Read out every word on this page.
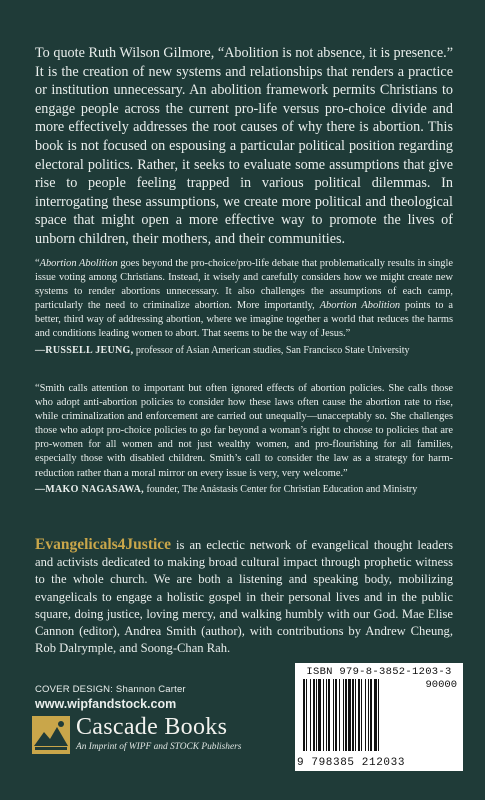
To quote Ruth Wilson Gilmore, “Abolition is not absence, it is presence.” It is the creation of new systems and relationships that renders a practice or institution unnecessary. An abolition framework permits Christians to engage people across the current pro-life versus pro-choice divide and more effectively addresses the root causes of why there is abortion. This book is not focused on espousing a particular political position regarding electoral politics. Rather, it seeks to evaluate some assumptions that give rise to people feeling trapped in various political dilemmas. In interrogating these assumptions, we create more political and theological space that might open a more effective way to promote the lives of unborn children, their mothers, and their communities.

“Abortion Abolition goes beyond the pro-choice/pro-life debate that problematically results in single issue voting among Christians. Instead, it wisely and carefully considers how we might create new systems to render abortions unnecessary. It also challenges the assumptions of each camp, particularly the need to criminalize abortion. More importantly, Abortion Abolition points to a better, third way of addressing abortion, where we imagine together a world that reduces the harms and conditions leading women to abort. That seems to be the way of Jesus.”
—RUSSELL JEUNG, professor of Asian American studies, San Francisco State University

“Smith calls attention to important but often ignored effects of abortion policies. She calls those who adopt anti-abortion policies to consider how these laws often cause the abortion rate to rise, while criminalization and enforcement are carried out unequally—unacceptably so. She challenges those who adopt pro-choice policies to go far beyond a woman’s right to choose to policies that are pro-women for all women and not just wealthy women, and pro-flourishing for all families, especially those with disabled children. Smith’s call to consider the law as a strategy for harm-reduction rather than a moral mirror on every issue is very, very welcome.”
—MAKO NAGASAWA, founder, The Anástasis Center for Christian Education and Ministry

Evangelicals4Justice is an eclectic network of evangelical thought leaders and activists dedicated to making broad cultural impact through prophetic witness to the whole church. We are both a listening and speaking body, mobilizing evangelicals to engage a holistic gospel in their personal lives and in the public square, doing justice, loving mercy, and walking humbly with our God. Mae Elise Cannon (editor), Andrea Smith (author), with contributions by Andrew Cheung, Rob Dalrymple, and Soong-Chan Rah.

COVER DESIGN: Shannon Carter
www.wipfandstock.com
Cascade Books
An Imprint of WIPF and STOCK Publishers
ISBN 979-8-3852-1203-3
90000
9 798385 212033
